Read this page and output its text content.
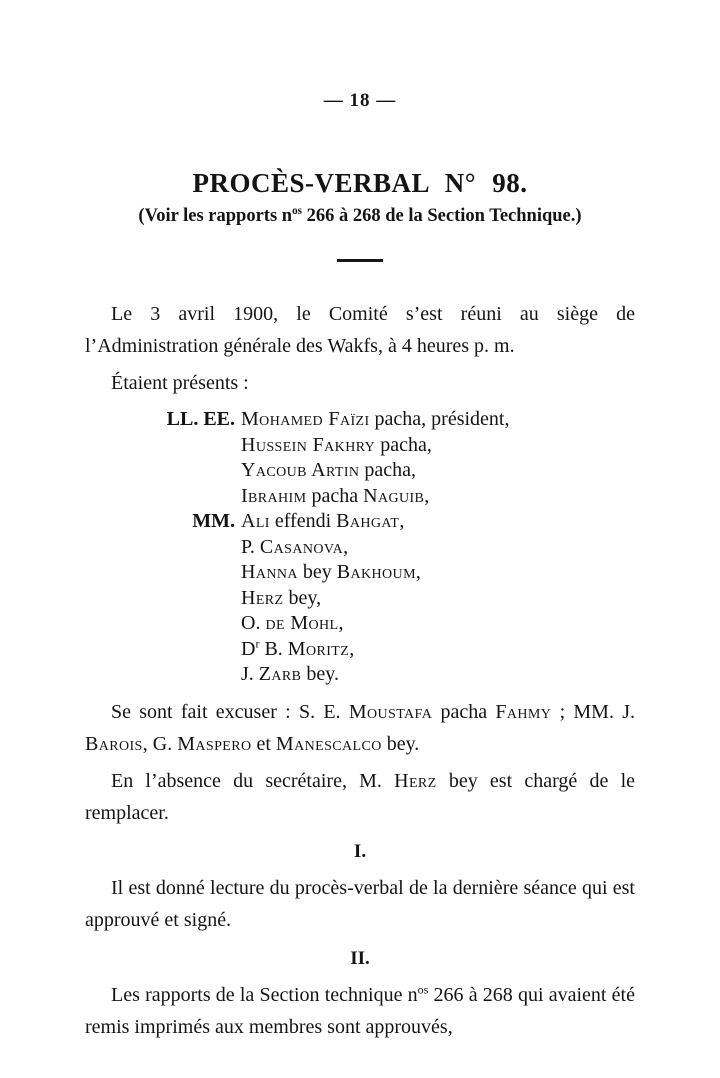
— 18 —
PROCÈS-VERBAL N° 98.
(Voir les rapports $n^{os}$ 266 à 268 de la Section Technique.)

Le 3 avril 1900, le Comité s’est réuni au siège de l’Administration générale des Wakfs, à 4 heures p. m.

Étaient présents :

LL. EE. Mohamed Faïzi pacha, président,
Hussein Fakhry pacha,
Yacoub Artin pacha,
Ibrahim pacha Naguib,
MM. Ali effendi Bahgat,
P. Casanova,
Hanna bey Bakhoum,
Herz bey,
O. de Mohl,
$D^r$ B. Moritz,
J. Zarb bey.

Se sont fait excuser : S. E. Moustafa pacha Fahmy ; MM. J. Barois, G. Maspero et Manescalco bey.

En l’absence du secrétaire, M. Herz bey est chargé de le remplacer.

I.

Il est donné lecture du procès-verbal de la dernière séance qui est approuvé et signé.

II.

Les rapports de la Section technique $n^{os}$ 266 à 268 qui avaient été remis imprimés aux membres sont approuvés,
